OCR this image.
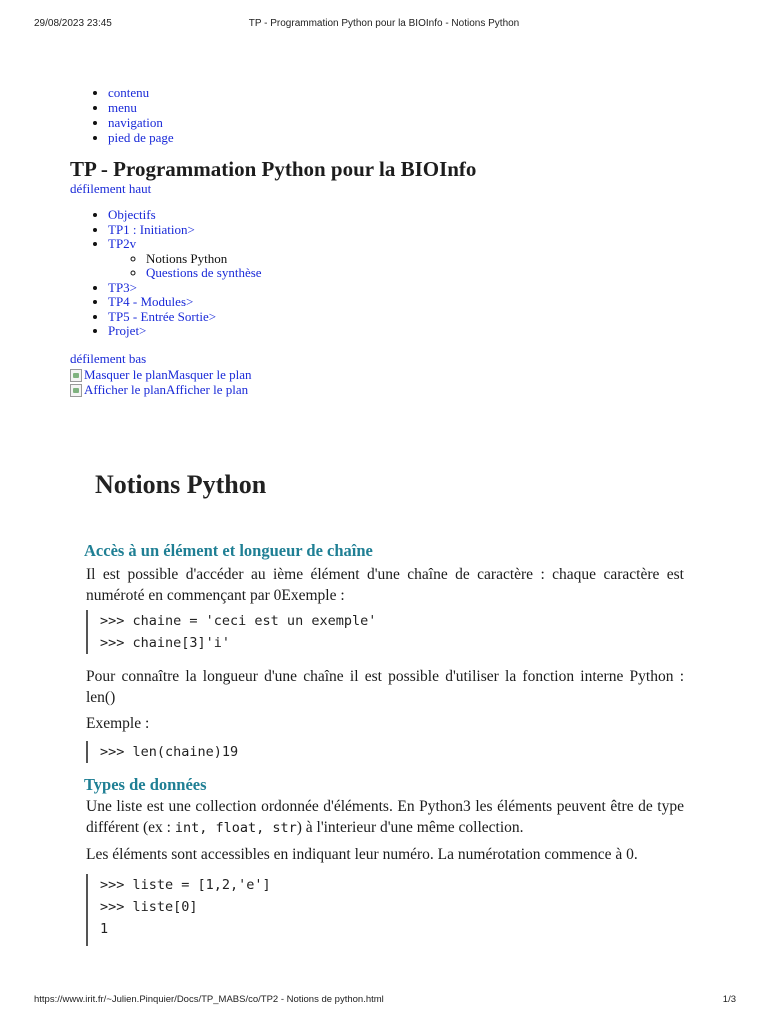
29/08/2023 23:45	TP - Programmation Python pour la BIOInfo - Notions Python
• contenu
• menu
• navigation
• pied de page
TP - Programmation Python pour la BIOInfo
défilement haut
• Objectifs
• TP1 : Initiation>
• TP2v
◦ Notions Python
◦ Questions de synthèse
• TP3>
• TP4 - Modules>
• TP5 - Entrée Sortie>
• Projet>
défilement bas
Masquer le planMasquer le plan
Afficher le planAfficher le plan
Notions Python
Accès à un élément et longueur de chaîne

Il est possible d'accéder au ième élément d'une chaîne de caractère : chaque caractère est numéroté en commençant par 0Exemple :

>>> chaine = 'ceci est un exemple'
>>> chaine[3]'i'

Pour connaître la longueur d'une chaîne il est possible d'utiliser la fonction interne Python : len()

Exemple :

>>> len(chaine)19
Types de données

Une liste est une collection ordonnée d'éléments. En Python3 les éléments peuvent être de type différent (ex : int, float, str) à l'interieur d'une même collection.

Les éléments sont accessibles en indiquant leur numéro. La numérotation commence à 0.

>>> liste = [1,2,'e']
>>> liste[0]
1
https://www.irit.fr/~Julien.Pinquier/Docs/TP_MABS/co/TP2 - Notions de python.html	1/3
